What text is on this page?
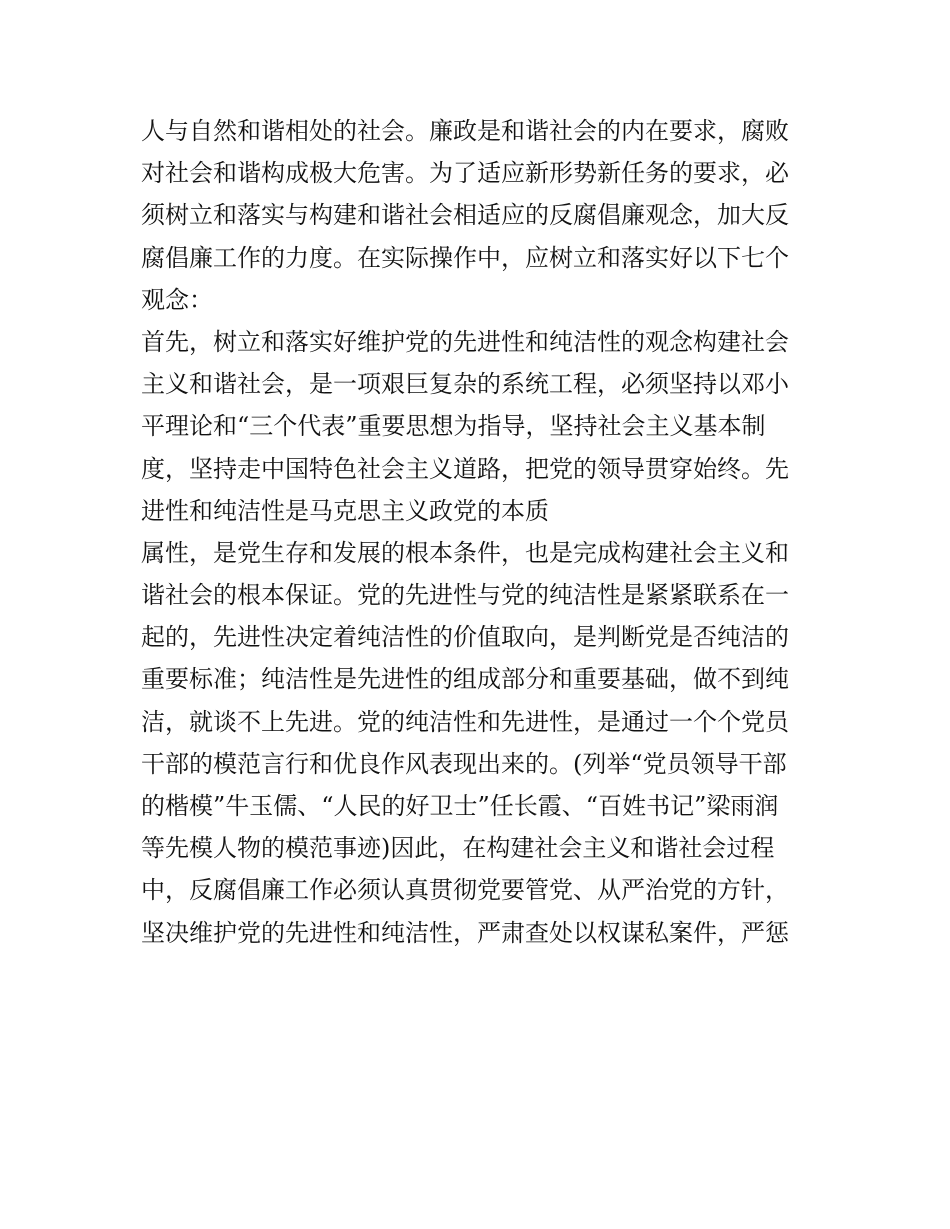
人与自然和谐相处的社会。廉政是和谐社会的内在要求，腐败
对社会和谐构成极大危害。为了适应新形势新任务的要求，必
须树立和落实与构建和谐社会相适应的反腐倡廉观念，加大反
腐倡廉工作的力度。在实际操作中，应树立和落实好以下七个
观念：
首先，树立和落实好维护党的先进性和纯洁性的观念构建社会
主义和谐社会，是一项艰巨复杂的系统工程，必须坚持以邓小
平理论和“三个代表”重要思想为指导，坚持社会主义基本制
度，坚持走中国特色社会主义道路，把党的领导贯穿始终。先
进性和纯洁性是马克思主义政党的本质
属性，是党生存和发展的根本条件，也是完成构建社会主义和
谐社会的根本保证。党的先进性与党的纯洁性是紧紧联系在一
起的，先进性决定着纯洁性的价值取向，是判断党是否纯洁的
重要标准；纯洁性是先进性的组成部分和重要基础，做不到纯
洁，就谈不上先进。党的纯洁性和先进性，是通过一个个党员
干部的模范言行和优良作风表现出来的。(列举“党员领导干部
的楷模”牛玉儒、“人民的好卫士”任长霞、“百姓书记”梁雨润
等先模人物的模范事迹)因此，在构建社会主义和谐社会过程
中，反腐倡廉工作必须认真贯彻党要管党、从严治党的方针，
坚决维护党的先进性和纯洁性，严肃查处以权谋私案件，严惩
